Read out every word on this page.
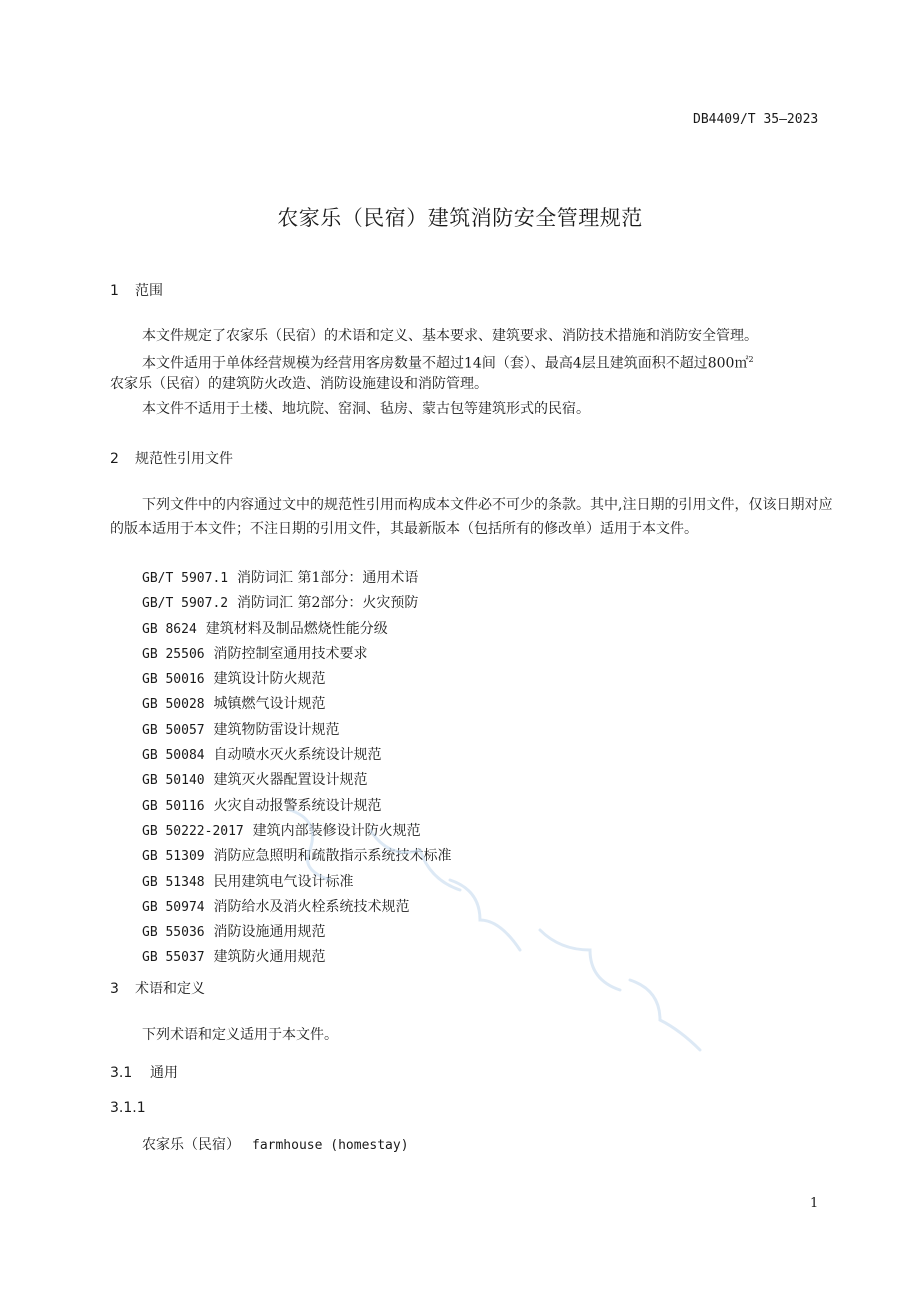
DB4409/T 35—2023
农家乐（民宿）建筑消防安全管理规范
1 范围
本文件规定了农家乐（民宿）的术语和定义、基本要求、建筑要求、消防技术措施和消防安全管理。
本文件适用于单体经营规模为经营用客房数量不超过14间（套）、最高4层且建筑面积不超过800㎡$^2$
农家乐（民宿）的建筑防火改造、消防设施建设和消防管理。
本文件不适用于土楼、地坑院、窑洞、毡房、蒙古包等建筑形式的民宿。
2 规范性引用文件
下列文件中的内容通过文中的规范性引用而构成本文件必不可少的条款。其中,注日期的引用文件，仅该日期对应的版本适用于本文件；不注日期的引用文件，其最新版本（包括所有的修改单）适用于本文件。
GB/T 5907.1 消防词汇 第1部分：通用术语
GB/T 5907.2 消防词汇 第2部分：火灾预防
GB 8624 建筑材料及制品燃烧性能分级
GB 25506 消防控制室通用技术要求
GB 50016 建筑设计防火规范
GB 50028 城镇燃气设计规范
GB 50057 建筑物防雷设计规范
GB 50084 自动喷水灭火系统设计规范
GB 50140 建筑灭火器配置设计规范
GB 50116 火灾自动报警系统设计规范
GB 50222-2017 建筑内部装修设计防火规范
GB 51309 消防应急照明和疏散指示系统技术标准
GB 51348 民用建筑电气设计标准
GB 50974 消防给水及消火栓系统技术规范
GB 55036 消防设施通用规范
GB 55037 建筑防火通用规范
3 术语和定义
下列术语和定义适用于本文件。
3.1 通用
3.1.1
农家乐（民宿） farmhouse (homestay)
1
